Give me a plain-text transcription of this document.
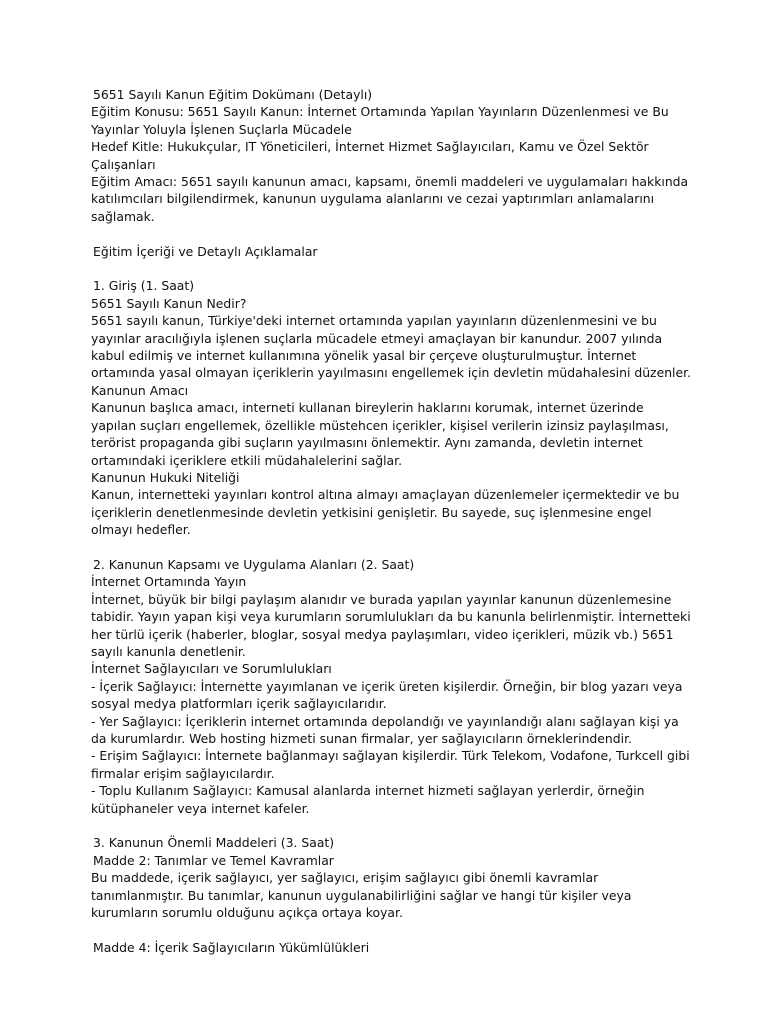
5651 Sayılı Kanun Eğitim Dokümanı (Detaylı)

Eğitim Konusu: 5651 Sayılı Kanun: İnternet Ortamında Yapılan Yayınların Düzenlenmesi ve Bu Yayınlar Yoluyla İşlenen Suçlarla Mücadele

Hedef Kitle: Hukukçular, IT Yöneticileri, İnternet Hizmet Sağlayıcıları, Kamu ve Özel Sektör Çalışanları

Eğitim Amacı: 5651 sayılı kanunun amacı, kapsamı, önemli maddeleri ve uygulamaları hakkında katılımcıları bilgilendirmek, kanunun uygulama alanlarını ve cezai yaptırımları anlamalarını sağlamak.

Eğitim İçeriği ve Detaylı Açıklamalar

1. Giriş (1. Saat)

5651 Sayılı Kanun Nedir?

5651 sayılı kanun, Türkiye'deki internet ortamında yapılan yayınların düzenlenmesini ve bu yayınlar aracılığıyla işlenen suçlarla mücadele etmeyi amaçlayan bir kanundur. 2007 yılında kabul edilmiş ve internet kullanımına yönelik yasal bir çerçeve oluşturulmuştur. İnternet ortamında yasal olmayan içeriklerin yayılmasını engellemek için devletin müdahalesini düzenler.

Kanunun Amacı

Kanunun başlıca amacı, interneti kullanan bireylerin haklarını korumak, internet üzerinde yapılan suçları engellemek, özellikle müstehcen içerikler, kişisel verilerin izinsiz paylaşılması, terörist propaganda gibi suçların yayılmasını önlemektir. Aynı zamanda, devletin internet ortamındaki içeriklere etkili müdahalelerini sağlar.

Kanunun Hukuki Niteliği

Kanun, internetteki yayınları kontrol altına almayı amaçlayan düzenlemeler içermektedir ve bu içeriklerin denetlenmesinde devletin yetkisini genişletir. Bu sayede, suç işlenmesine engel olmayı hedefler.

2. Kanunun Kapsamı ve Uygulama Alanları (2. Saat)

İnternet Ortamında Yayın

İnternet, büyük bir bilgi paylaşım alanıdır ve burada yapılan yayınlar kanunun düzenlemesine tabidir. Yayın yapan kişi veya kurumların sorumlulukları da bu kanunla belirlenmiştir. İnternetteki her türlü içerik (haberler, bloglar, sosyal medya paylaşımları, video içerikleri, müzik vb.) 5651 sayılı kanunla denetlenir.

İnternet Sağlayıcıları ve Sorumlulukları

- İçerik Sağlayıcı: İnternette yayımlanan ve içerik üreten kişilerdir. Örneğin, bir blog yazarı veya sosyal medya platformları içerik sağlayıcılarıdır.

- Yer Sağlayıcı: İçeriklerin internet ortamında depolandığı ve yayınlandığı alanı sağlayan kişi ya da kurumlardır. Web hosting hizmeti sunan firmalar, yer sağlayıcıların örneklerindendir.

- Erişim Sağlayıcı: İnternete bağlanmayı sağlayan kişilerdir. Türk Telekom, Vodafone, Turkcell gibi firmalar erişim sağlayıcılardır.

- Toplu Kullanım Sağlayıcı: Kamusal alanlarda internet hizmeti sağlayan yerlerdir, örneğin kütüphaneler veya internet kafeler.

3. Kanunun Önemli Maddeleri (3. Saat)

Madde 2: Tanımlar ve Temel Kavramlar

Bu maddede, içerik sağlayıcı, yer sağlayıcı, erişim sağlayıcı gibi önemli kavramlar tanımlanmıştır. Bu tanımlar, kanunun uygulanabilirliğini sağlar ve hangi tür kişiler veya kurumların sorumlu olduğunu açıkça ortaya koyar.

Madde 4: İçerik Sağlayıcıların Yükümlülükleri
